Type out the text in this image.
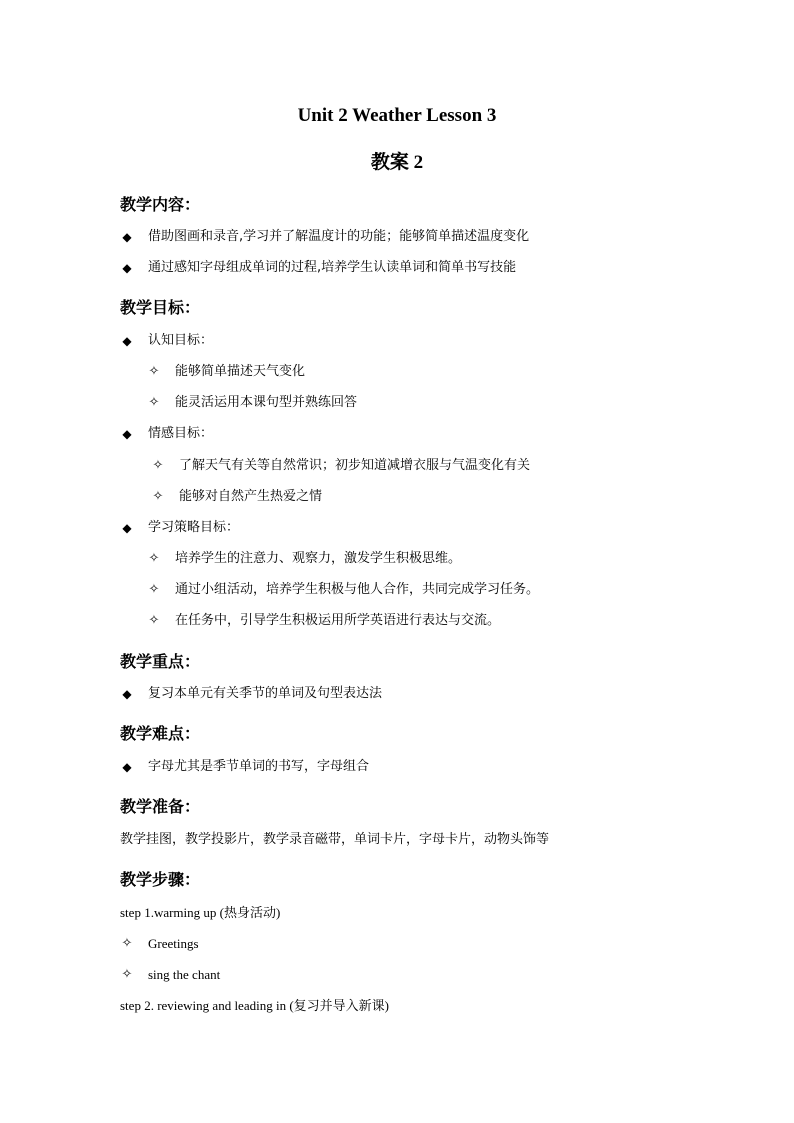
Unit 2 Weather Lesson 3
教案 2
教学内容：
◆ 借助图画和录音,学习并了解温度计的功能；能够简单描述温度变化
◆ 通过感知字母组成单词的过程,培养学生认读单词和简单书写技能
教学目标：
◆ 认知目标：
✧ 能够简单描述天气变化
✧ 能灵活运用本课句型并熟练回答
◆ 情感目标：
✧ 了解天气有关等自然常识；初步知道减增衣服与气温变化有关
✧ 能够对自然产生热爱之情
◆ 学习策略目标：
✧ 培养学生的注意力、观察力，激发学生积极思维。
✧ 通过小组活动，培养学生积极与他人合作，共同完成学习任务。
✧ 在任务中，引导学生积极运用所学英语进行表达与交流。
教学重点：
◆ 复习本单元有关季节的单词及句型表达法
教学难点：
◆ 字母尤其是季节单词的书写，字母组合
教学准备：
教学挂图，教学投影片，教学录音磁带，单词卡片，字母卡片，动物头饰等
教学步骤：
step 1.warming up (热身活动)
✧ Greetings
✧ sing the chant
step 2. reviewing and leading in (复习并导入新课)
